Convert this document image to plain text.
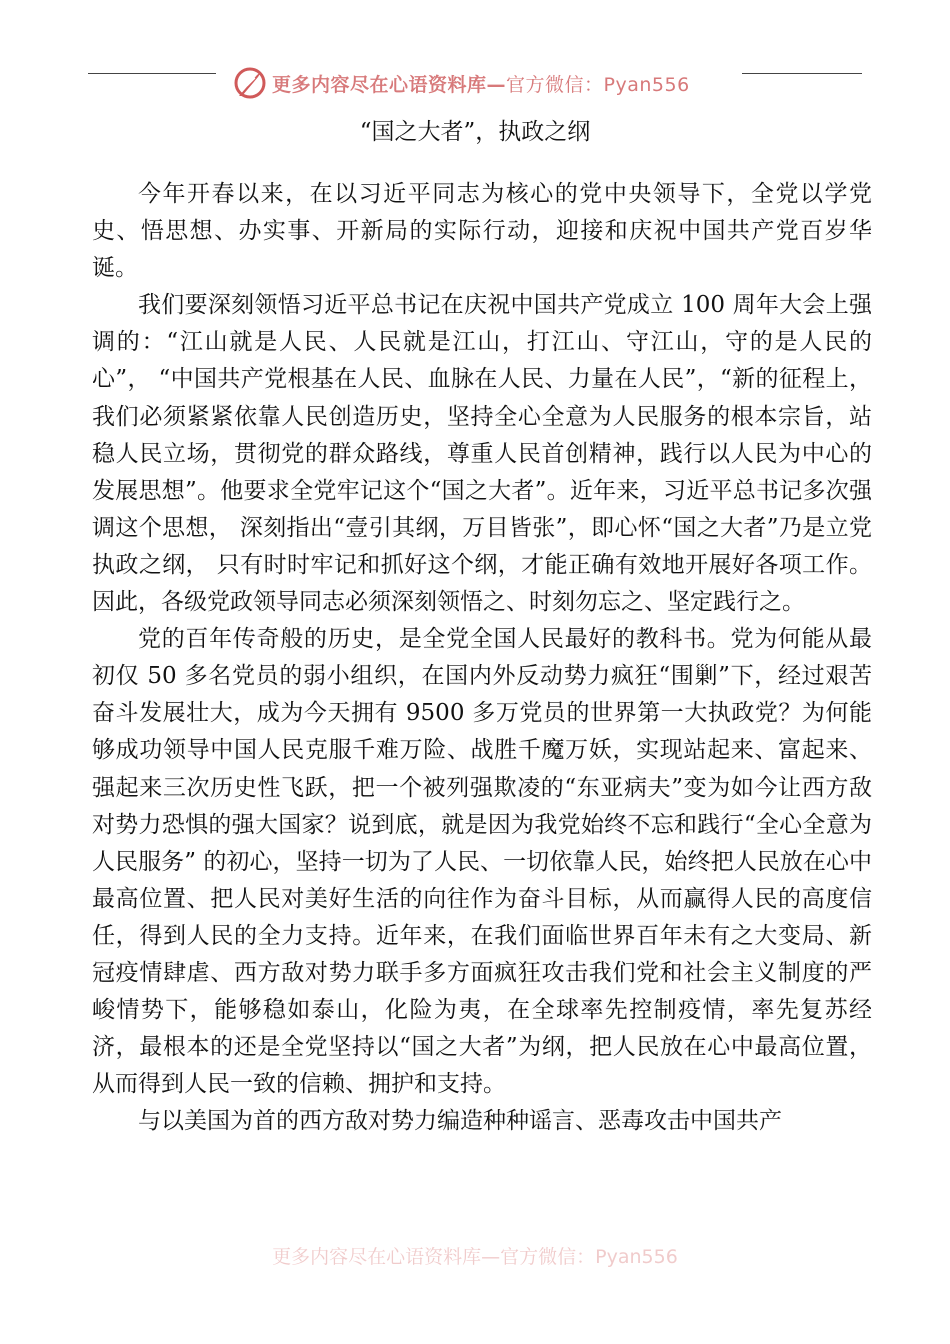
更多内容尽在心语资料库—官方微信：Pyan556
“国之大者”，执政之纲

今年开春以来，在以习近平同志为核心的党中央领导下，全党以学党史、悟思想、办实事、开新局的实际行动，迎接和庆祝中国共产党百岁华诞。

我们要深刻领悟习近平总书记在庆祝中国共产党成立 100 周年大会上强调的：“江山就是人民、人民就是江山，打江山、守江山，守的是人民的心”， “中国共产党根基在人民、血脉在人民、力量在人民”，“新的征程上，我们必须紧紧依靠人民创造历史，坚持全心全意为人民服务的根本宗旨，站稳人民立场，贯彻党的群众路线，尊重人民首创精神，践行以人民为中心的发展思想”。他要求全党牢记这个“国之大者”。近年来，习近平总书记多次强调这个思想， 深刻指出“壹引其纲，万目皆张”，即心怀“国之大者”乃是立党执政之纲， 只有时时牢记和抓好这个纲，才能正确有效地开展好各项工作。因此，各级党政领导同志必须深刻领悟之、时刻勿忘之、坚定践行之。

党的百年传奇般的历史，是全党全国人民最好的教科书。党为何能从最初仅 50 多名党员的弱小组织，在国内外反动势力疯狂“围剿”下，经过艰苦奋斗发展壮大，成为今天拥有 9500 多万党员的世界第一大执政党？为何能够成功领导中国人民克服千难万险、战胜千魔万妖，实现站起来、富起来、强起来三次历史性飞跃，把一个被列强欺凌的“东亚病夫”变为如今让西方敌对势力恐惧的强大国家？说到底，就是因为我党始终不忘和践行“全心全意为人民服务” 的初心，坚持一切为了人民、一切依靠人民，始终把人民放在心中最高位置、把人民对美好生活的向往作为奋斗目标，从而赢得人民的高度信任，得到人民的全力支持。近年来，在我们面临世界百年未有之大变局、新冠疫情肆虐、西方敌对势力联手多方面疯狂攻击我们党和社会主义制度的严峻情势下，能够稳如泰山，化险为夷，在全球率先控制疫情，率先复苏经济，最根本的还是全党坚持以“国之大者”为纲，把人民放在心中最高位置，从而得到人民一致的信赖、拥护和支持。

与以美国为首的西方敌对势力编造种种谣言、恶毒攻击中国共产

更多内容尽在心语资料库—官方微信：Pyan556
